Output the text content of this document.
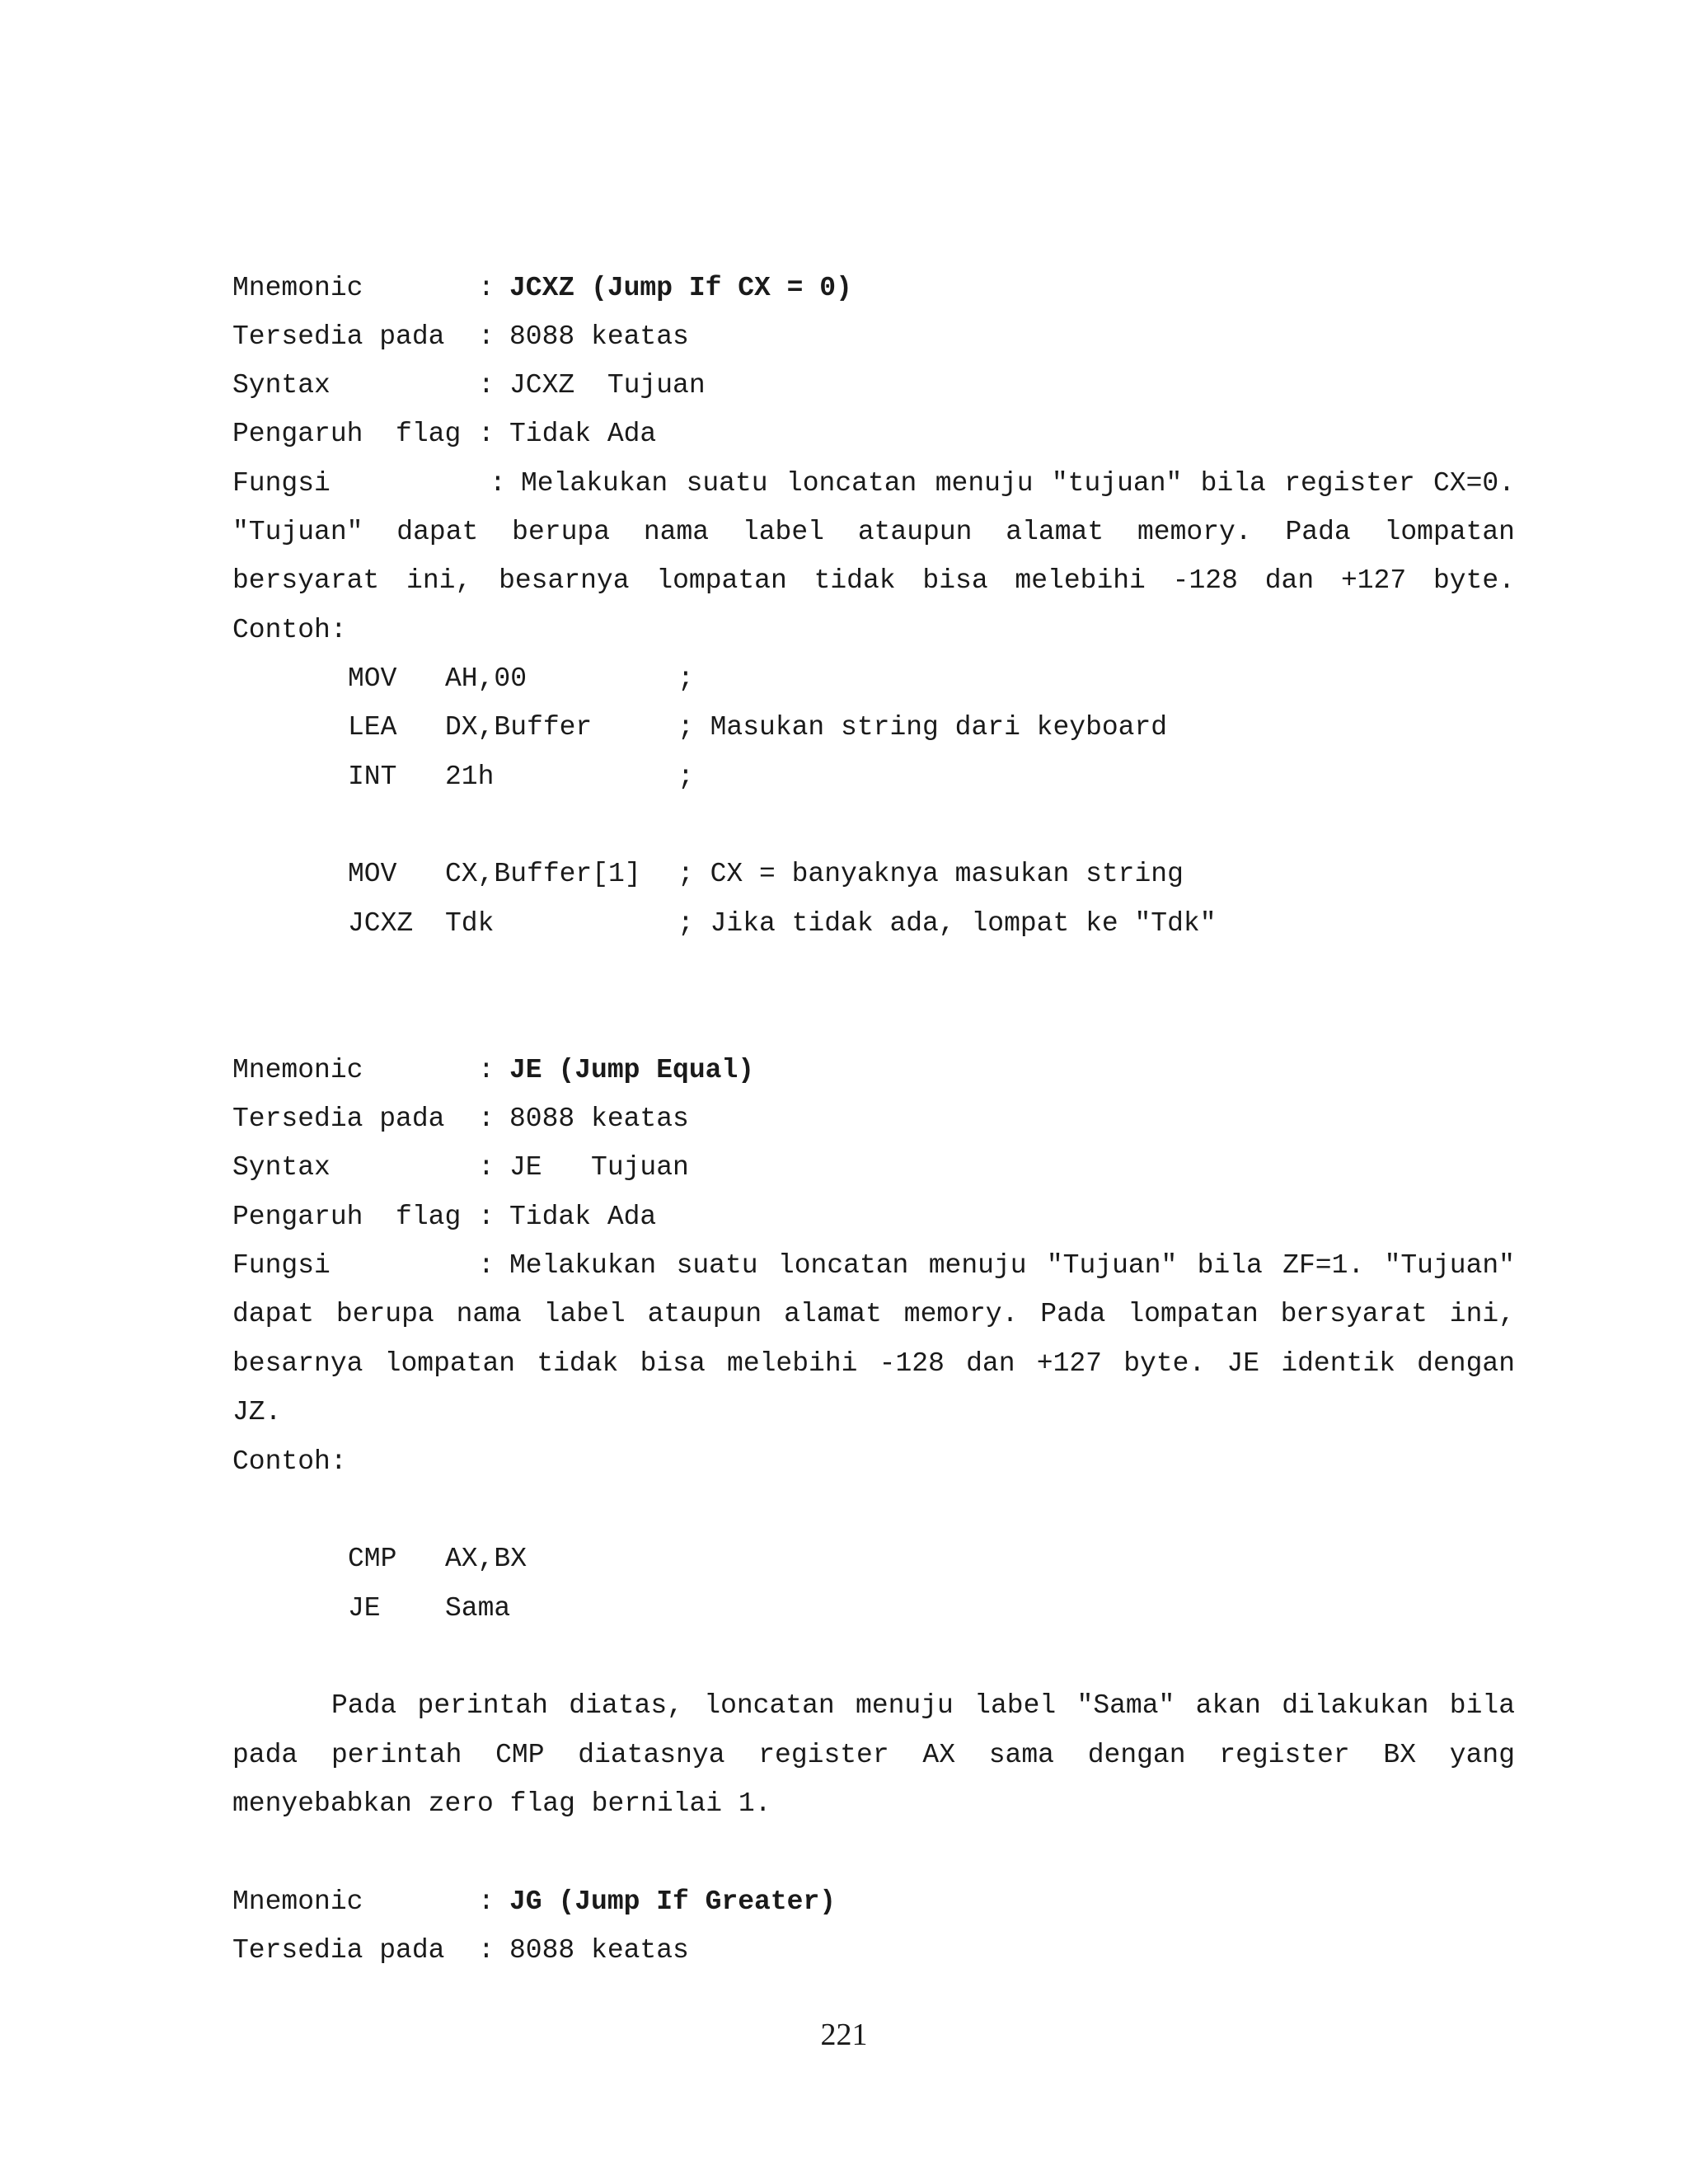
Mnemonic	: JCXZ (Jump If CX = 0)
Tersedia pada : 8088 keatas
Syntax	: JCXZ  Tujuan
Pengaruh  flag : Tidak Ada
Fungsi	: Melakukan suatu loncatan menuju "tujuan" bila register CX=0.
"Tujuan" dapat berupa nama label ataupun alamat memory. Pada lompatan
bersyarat ini, besarnya lompatan tidak bisa melebihi -128 dan +127 byte.
Contoh:
MOV AH,00	;
LEA DX,Buffer	; Masukan string dari keyboard
INT 21h	;
MOV CX,Buffer[1] ; CX = banyaknya masukan string
JCXZ Tdk	; Jika tidak ada, lompat ke "Tdk"
Mnemonic	: JE (Jump Equal)
Tersedia pada : 8088 keatas
Syntax	: JE   Tujuan
Pengaruh  flag : Tidak Ada
Fungsi	: Melakukan suatu loncatan menuju "Tujuan" bila ZF=1. "Tujuan"
dapat berupa nama label ataupun alamat memory. Pada lompatan bersyarat ini,
besarnya lompatan tidak bisa melebihi -128 dan +127 byte. JE identik dengan
JZ.
Contoh:
CMP AX,BX
JE Sama
Pada perintah diatas, loncatan menuju label "Sama" akan dilakukan bila
pada perintah CMP diatasnya register AX sama dengan register BX yang
menyebabkan zero flag bernilai 1.
Mnemonic	: JG (Jump If Greater)
Tersedia pada : 8088 keatas
221
